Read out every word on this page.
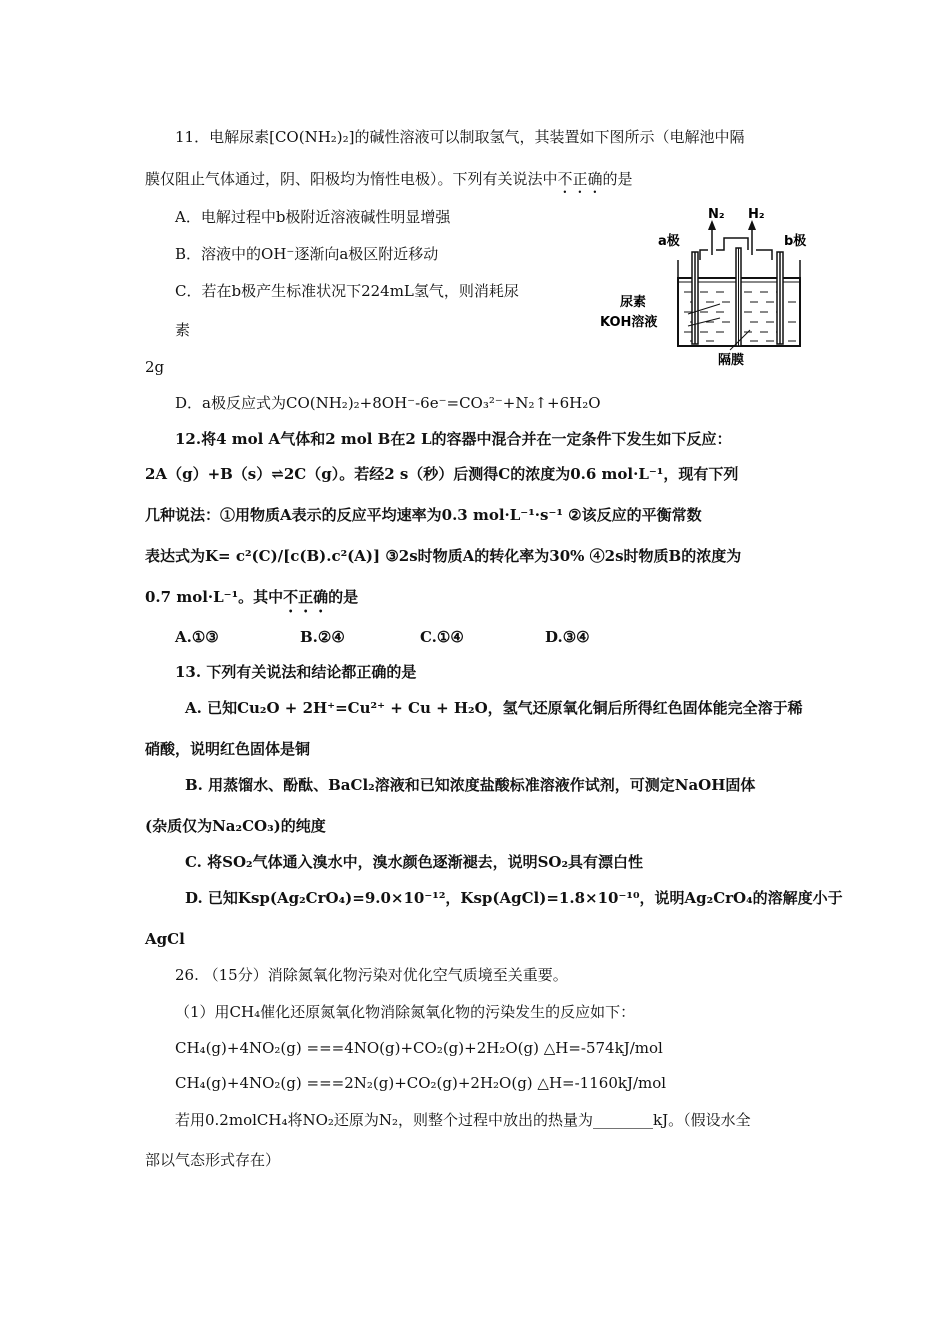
11．电解尿素[CO(NH₂)₂]的碱性溶液可以制取氢气，其装置如下图所示（电解池中隔
膜仅阻止气体通过，阴、阳极均为惰性电极）。下列有关说法中不正确的是
A．电解过程中b极附近溶液碱性明显增强
B．溶液中的OH⁻逐渐向a极区附近移动
C．若在b极产生标准状况下224mL氢气，则消耗尿
素
2g
D．a极反应式为CO(NH₂)₂+8OH⁻-6e⁻=CO₃²⁻+N₂↑+6H₂O
N₂ H₂
a极	b极
尿素
KOH溶液
隔膜
12.将4 mol A气体和2 mol B在2 L的容器中混合并在一定条件下发生如下反应：
2A（g）+B（s）⇌2C（g）。若经2 s（秒）后测得C的浓度为0.6 mol·L⁻¹，现有下列
几种说法：①用物质A表示的反应平均速率为0.3 mol·L⁻¹·s⁻¹ ②该反应的平衡常数
表达式为K= c²(C)/[c(B).c²(A)] ③2s时物质A的转化率为30% ④2s时物质B的浓度为
0.7 mol·L⁻¹。其中不正确的是
A.①③	B.②④	C.①④	D.③④
13. 下列有关说法和结论都正确的是
A. 已知Cu₂O + 2H⁺=Cu²⁺ + Cu + H₂O，氢气还原氧化铜后所得红色固体能完全溶于稀
硝酸，说明红色固体是铜
B. 用蒸馏水、酚酞、BaCl₂溶液和已知浓度盐酸标准溶液作试剂，可测定NaOH固体
(杂质仅为Na₂CO₃)的纯度
C. 将SO₂气体通入溴水中，溴水颜色逐渐褪去，说明SO₂具有漂白性
D. 已知Ksp(Ag₂CrO₄)=9.0×10⁻¹²，Ksp(AgCl)=1.8×10⁻¹⁰，说明Ag₂CrO₄的溶解度小于
AgCl
26. （15分）消除氮氧化物污染对优化空气质境至关重要。
（1）用CH₄催化还原氮氧化物消除氮氧化物的污染发生的反应如下：
CH₄(g)+4NO₂(g) ===4NO(g)+CO₂(g)+2H₂O(g) △H=-574kJ/mol
CH₄(g)+4NO₂(g) ===2N₂(g)+CO₂(g)+2H₂O(g) △H=-1160kJ/mol
若用0.2molCH₄将NO₂还原为N₂，则整个过程中放出的热量为________kJ。（假设水全
部以气态形式存在）
